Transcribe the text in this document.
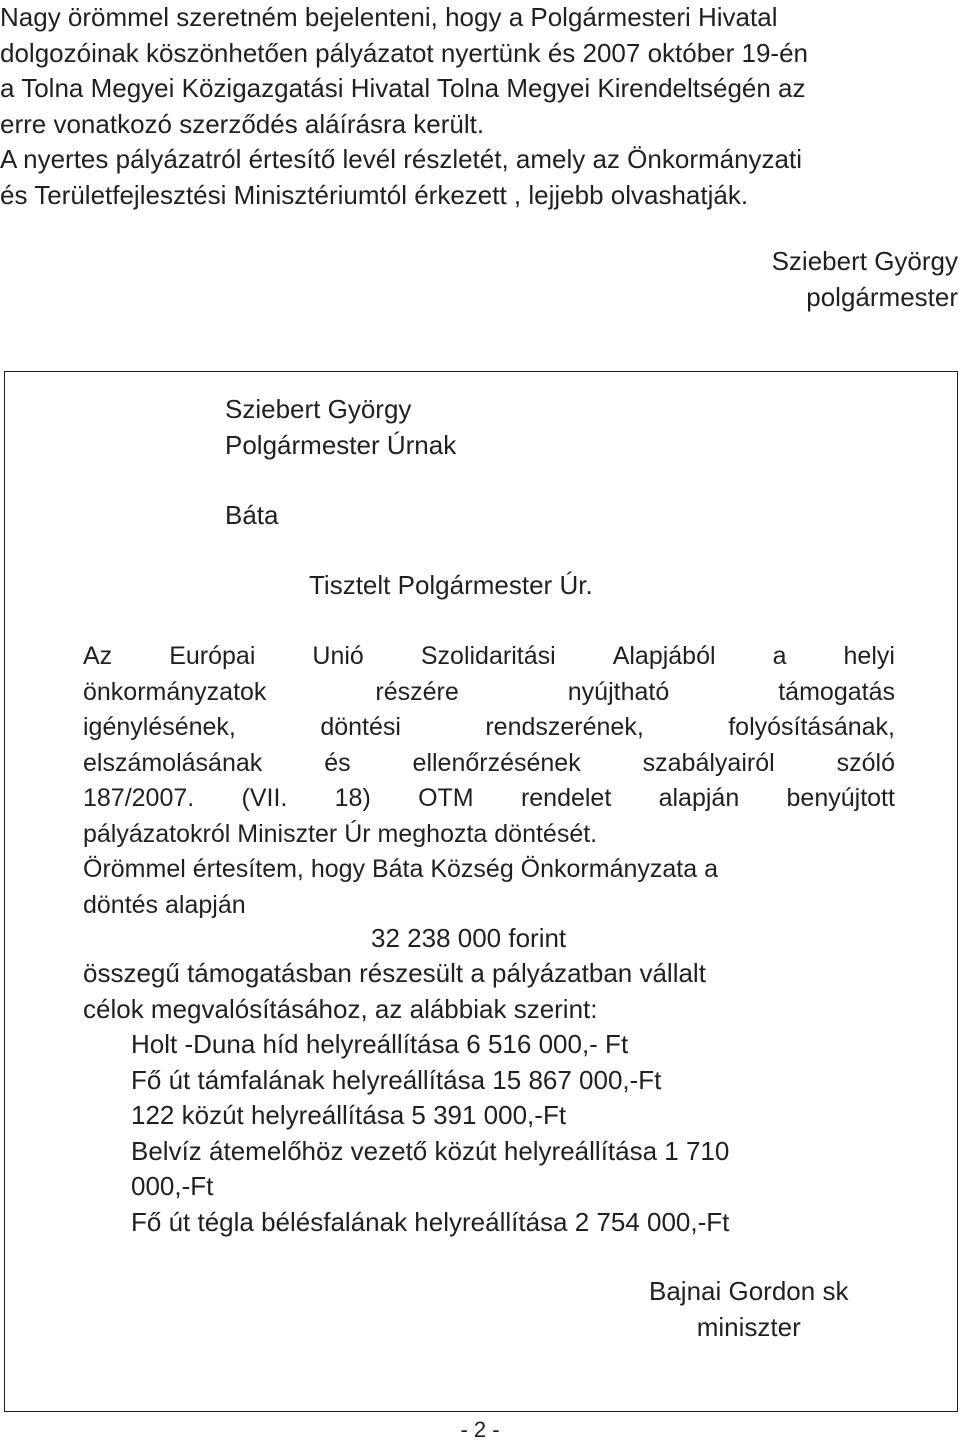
Nagy örömmel szeretném bejelenteni, hogy a Polgármesteri Hivatal
dolgozóinak köszönhetően pályázatot nyertünk és 2007 október 19-én
a Tolna Megyei Közigazgatási Hivatal Tolna Megyei Kirendeltségén az
erre vonatkozó szerződés aláírásra került.
A nyertes pályázatról értesítő levél részletét, amely az Önkormányzati
és Területfejlesztési Minisztériumtól érkezett , lejjebb olvashatják.
Sziebert György
polgármester
Sziebert György
Polgármester Úrnak
Báta
Tisztelt Polgármester Úr.
Az Európai Unió Szolidaritási Alapjából a helyi
önkormányzatok	részére	nyújtható	támogatás
igénylésének,	döntési	rendszerének,	folyósításának,
elszámolásának és ellenőrzésének szabályairól szóló
187/2007. (VII. 18) OTM rendelet alapján benyújtott
pályázatokról Miniszter Úr meghozta döntését.
Örömmel értesítem, hogy Báta Község Önkormányzata a
döntés alapján
32 238 000 forint
összegű támogatásban részesült a pályázatban vállalt
célok megvalósításához, az alábbiak szerint:
Holt -Duna híd helyreállítása 6 516 000,- Ft
Fő út támfalának helyreállítása 15 867 000,-Ft
122 közút helyreállítása 5 391 000,-Ft
Belvíz átemelőhöz vezető közút helyreállítása 1 710
000,-Ft
Fő út tégla bélésfalának helyreállítása 2 754 000,-Ft
Bajnai Gordon sk
miniszter
- 2 -
